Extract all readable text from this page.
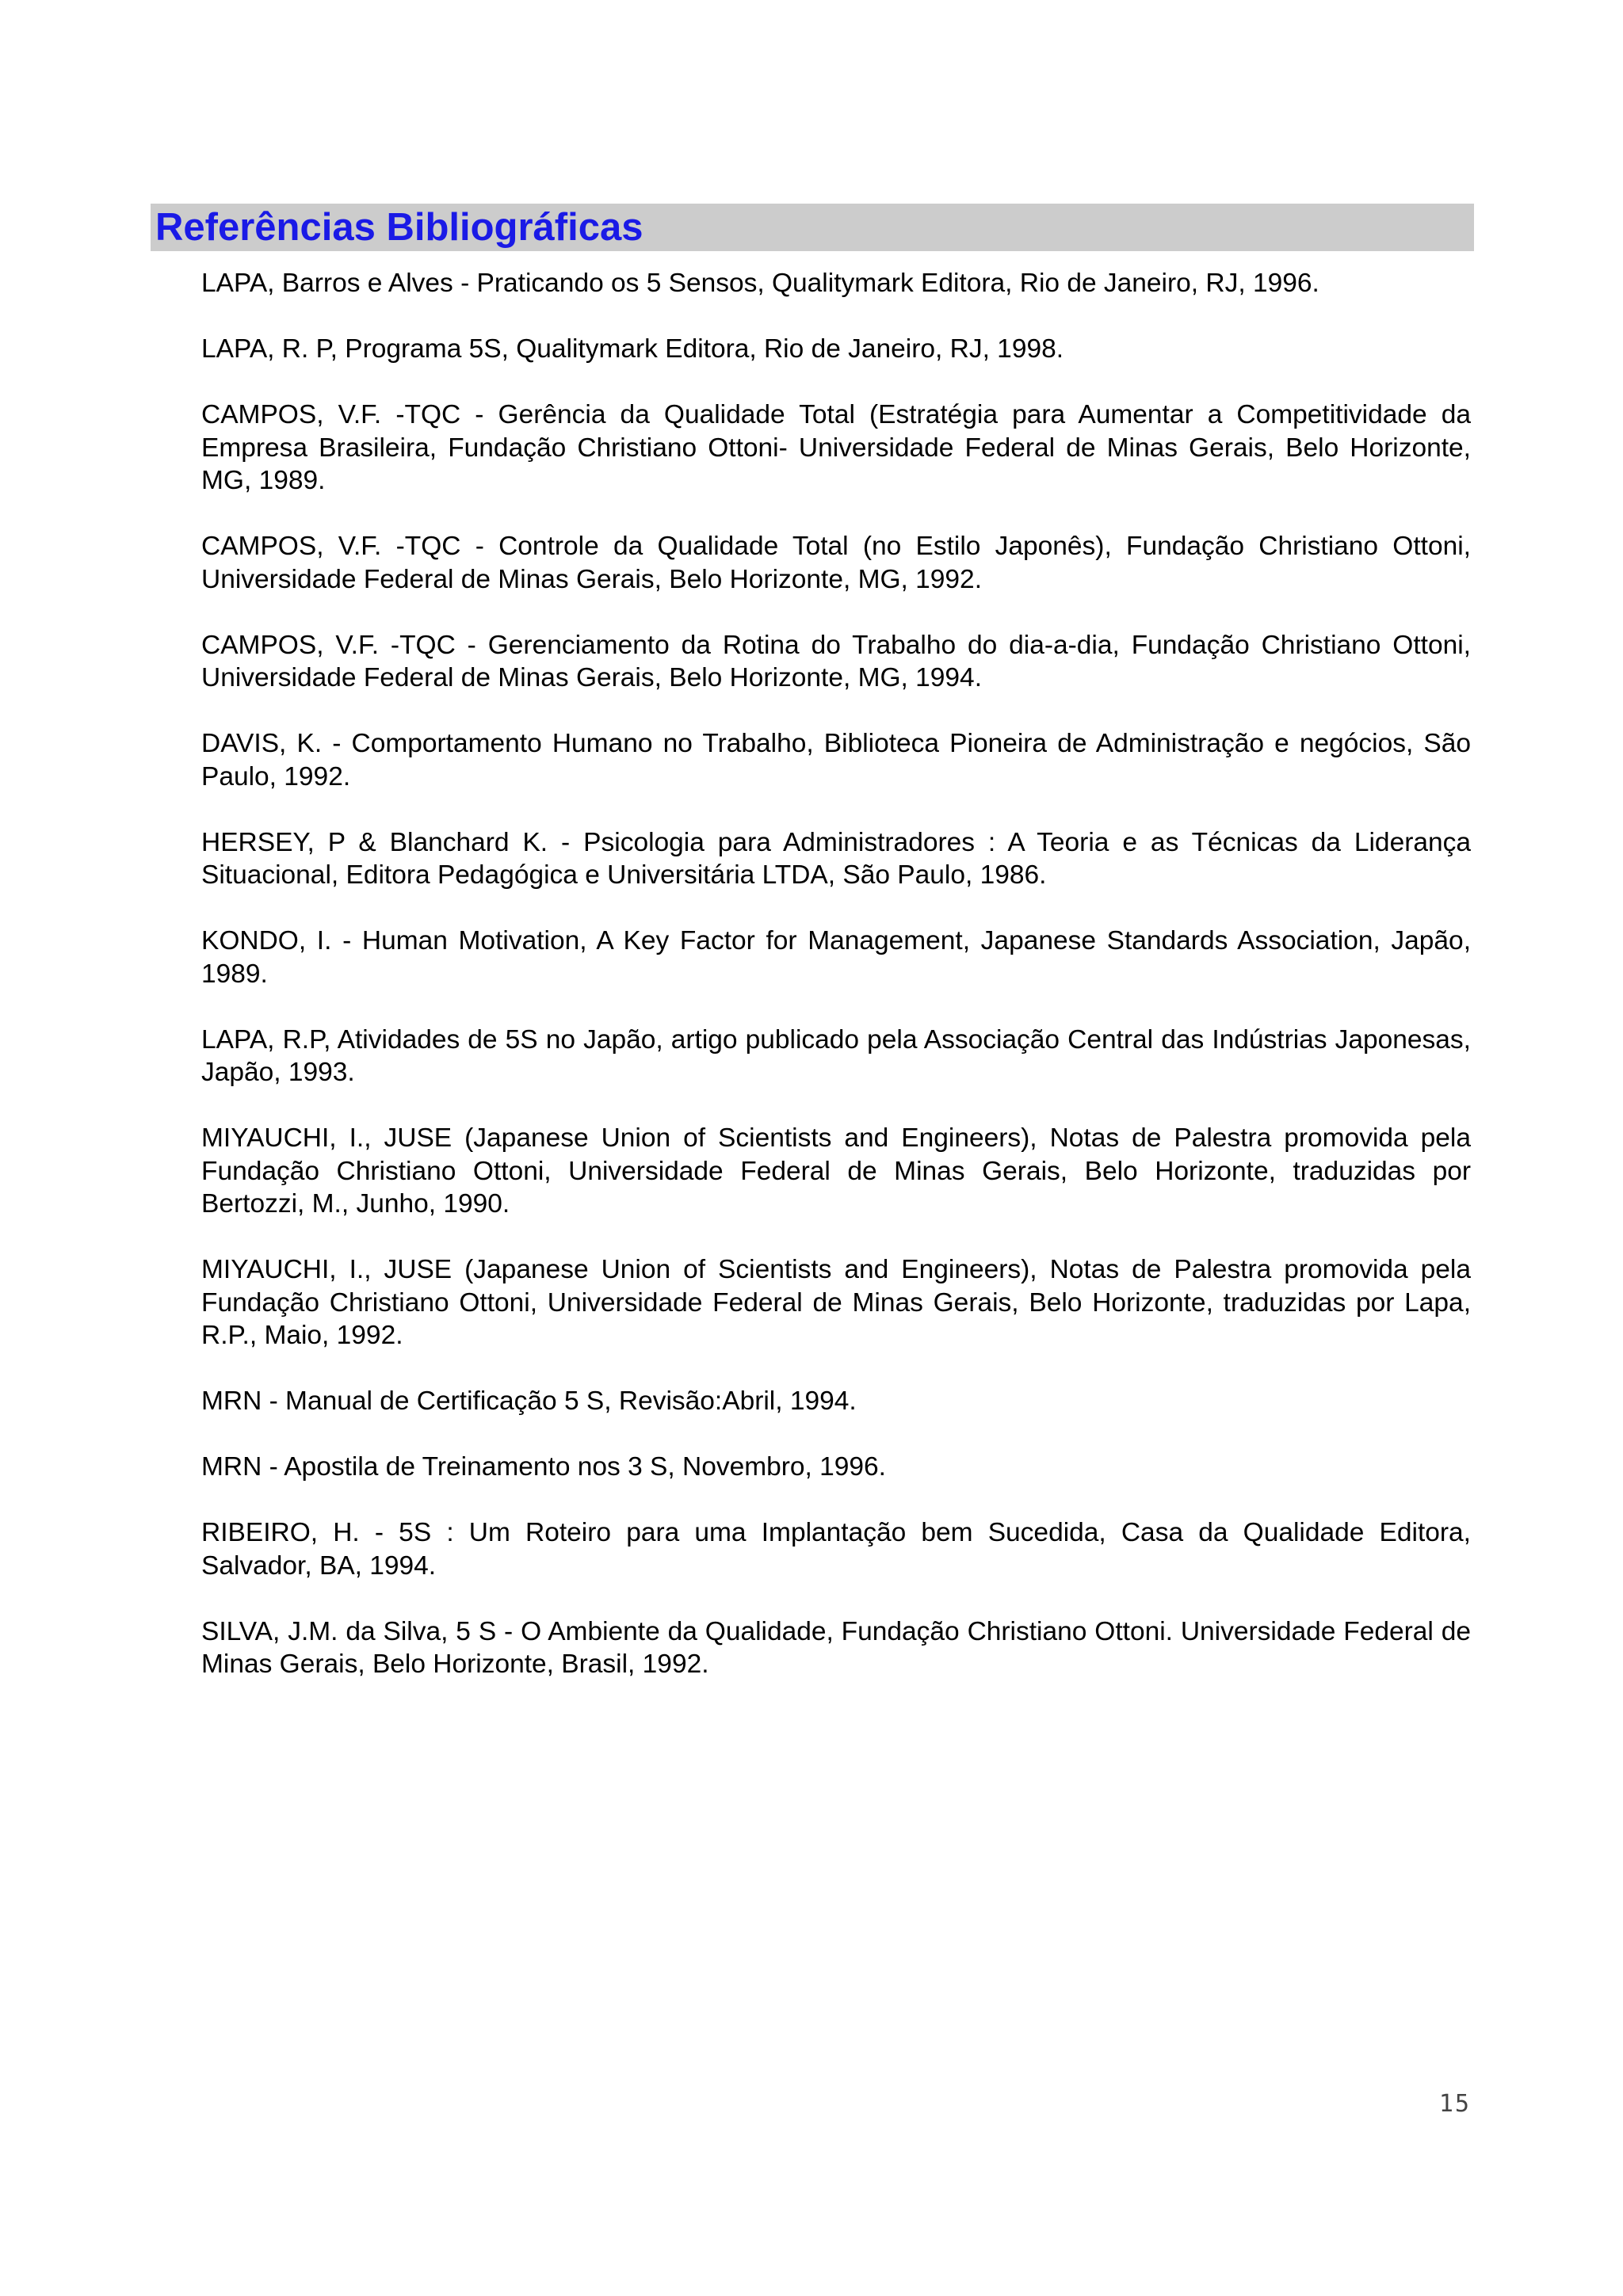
Referências Bibliográficas

LAPA, Barros e Alves - Praticando os 5 Sensos, Qualitymark Editora, Rio de Janeiro, RJ, 1996.

LAPA, R. P, Programa 5S, Qualitymark Editora, Rio de Janeiro, RJ, 1998.

CAMPOS, V.F. -TQC - Gerência da Qualidade Total (Estratégia para Aumentar a Competitividade da Empresa Brasileira, Fundação Christiano Ottoni- Universidade Federal de Minas Gerais, Belo Horizonte, MG, 1989.

CAMPOS, V.F. -TQC - Controle da Qualidade Total (no Estilo Japonês), Fundação Christiano Ottoni, Universidade Federal de Minas Gerais, Belo Horizonte, MG, 1992.

CAMPOS, V.F. -TQC - Gerenciamento da Rotina do Trabalho do dia-a-dia, Fundação Christiano Ottoni, Universidade Federal de Minas Gerais, Belo Horizonte, MG, 1994.

DAVIS, K. - Comportamento Humano no Trabalho, Biblioteca Pioneira de Administração e negócios, São Paulo, 1992.

HERSEY, P & Blanchard K. - Psicologia para Administradores : A Teoria e as Técnicas da Liderança Situacional, Editora Pedagógica e Universitária LTDA, São Paulo, 1986.

KONDO, I. - Human Motivation, A Key Factor for Management, Japanese Standards Association, Japão, 1989.

LAPA, R.P, Atividades de 5S no Japão, artigo publicado pela Associação Central das Indústrias Japonesas, Japão, 1993.

MIYAUCHI, I., JUSE (Japanese Union of Scientists and Engineers), Notas de Palestra promovida pela Fundação Christiano Ottoni, Universidade Federal de Minas Gerais, Belo Horizonte, traduzidas por Bertozzi, M., Junho, 1990.

MIYAUCHI, I., JUSE (Japanese Union of Scientists and Engineers), Notas de Palestra promovida pela Fundação Christiano Ottoni, Universidade Federal de Minas Gerais, Belo Horizonte, traduzidas por Lapa, R.P., Maio, 1992.

MRN - Manual de Certificação 5 S, Revisão:Abril, 1994.

MRN - Apostila de Treinamento nos 3 S, Novembro, 1996.

RIBEIRO, H. - 5S : Um Roteiro para uma Implantação bem Sucedida, Casa da Qualidade Editora, Salvador, BA, 1994.

SILVA, J.M. da Silva, 5 S - O Ambiente da Qualidade, Fundação Christiano Ottoni. Universidade Federal de Minas Gerais, Belo Horizonte, Brasil, 1992.

15
